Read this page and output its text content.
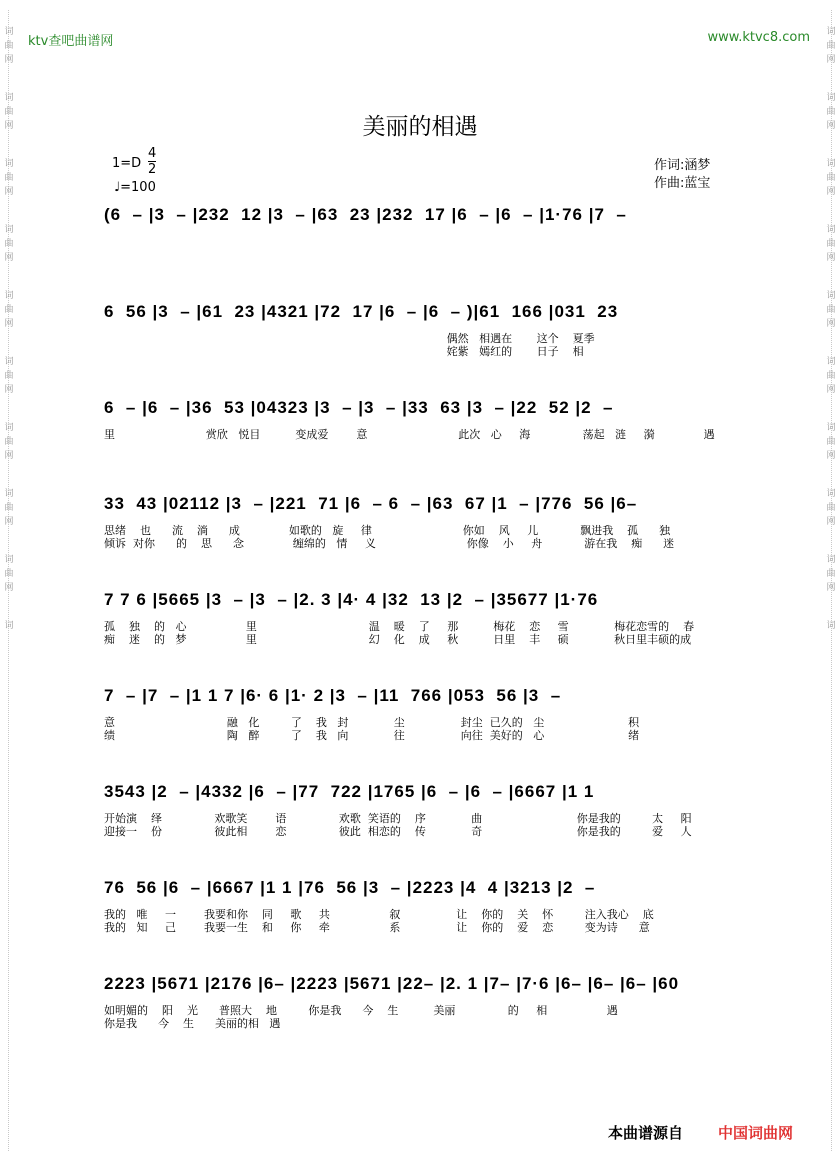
词
曲
网
词
曲
网
词
曲
网
词
曲
网
词
曲
网
词
曲
网
词
曲
网
词
曲
网
词
曲
网
词
词
曲
网
词
曲
网
词
曲
网
词
曲
网
词
曲
网
词
曲
网
词
曲
网
词
曲
网
词
曲
网
词
ktv查吧曲谱网	www.ktvc8.com
美丽的相遇
1=D
4
2
♩=100
作词:涵梦
作曲:蓝宝
(6  – |3  – |232  12 |3  – |63  23 |232  17 |6  – |6  – |1·76 |7  –
6  56 |3  – |61  23 |4321 |72  17 |6  – |6  – )|61  166 |031  23
偶然   相遇在       这个    夏季
姹紫   嫣红的       日子    相
6  – |6  – |36  53 |04323 |3  – |3  – |33  63 |3  – |22  52 |2  –
里                          赏欣   悦目          变成爱        意                          此次   心     海               荡起   涟     漪              遇
33  43 |02112 |3  – |221  71 |6  – 6  – |63  67 |1  – |776  56 |6–
思绪    也      流    淌      成              如歌的   旋     律                          你如    风     儿            飘进我    孤      独
倾诉  对你      的    思      念              缠绵的   情     义                          你像    小     舟            游在我    痴      迷
7 7 6 |5665 |3  – |3  – |2. 3 |4· 4 |32  13 |2  – |35677 |1·76
孤    独    的   心                 里                                温    暖    了     那          梅花    恋     雪             梅花恋雪的    春
痴    迷    的   梦                 里                                幻    化    成     秋          日里    丰     硕             秋日里丰硕的成
7  – |7  – |1 1 7 |6· 6 |1· 2 |3  – |11  766 |053  56 |3  –
意                                融   化         了    我   封             尘                封尘  已久的   尘                        积
绩                                陶   醉         了    我   向             往                向往  美好的   心                        绪
3543 |2  – |4332 |6  – |77  722 |1765 |6  – |6  – |6667 |1 1
开始演    绎               欢歌笑        语               欢歌  笑语的    序             曲                           你是我的         太     阳
迎接一    份               彼此相        恋               彼此  相恋的    传             奇                           你是我的         爱     人
76  56 |6  – |6667 |1 1 |76  56 |3  – |2223 |4  4 |3213 |2  –
我的   唯     一        我要和你    同     歌     共                 叙                让    你的    关    怀         注入我心    底
我的   知     己        我要一生    和     你     牵                 系                让    你的    爱    恋         变为诗      意
2223 |5671 |2176 |6– |2223 |5671 |22– |2. 1 |7– |7·6 |6– |6– |6– |60
如明媚的    阳    光      普照大    地         你是我      今    生          美丽               的     相                 遇
你是我      今    生      美丽的相   遇
本曲谱源自 中国词曲网
